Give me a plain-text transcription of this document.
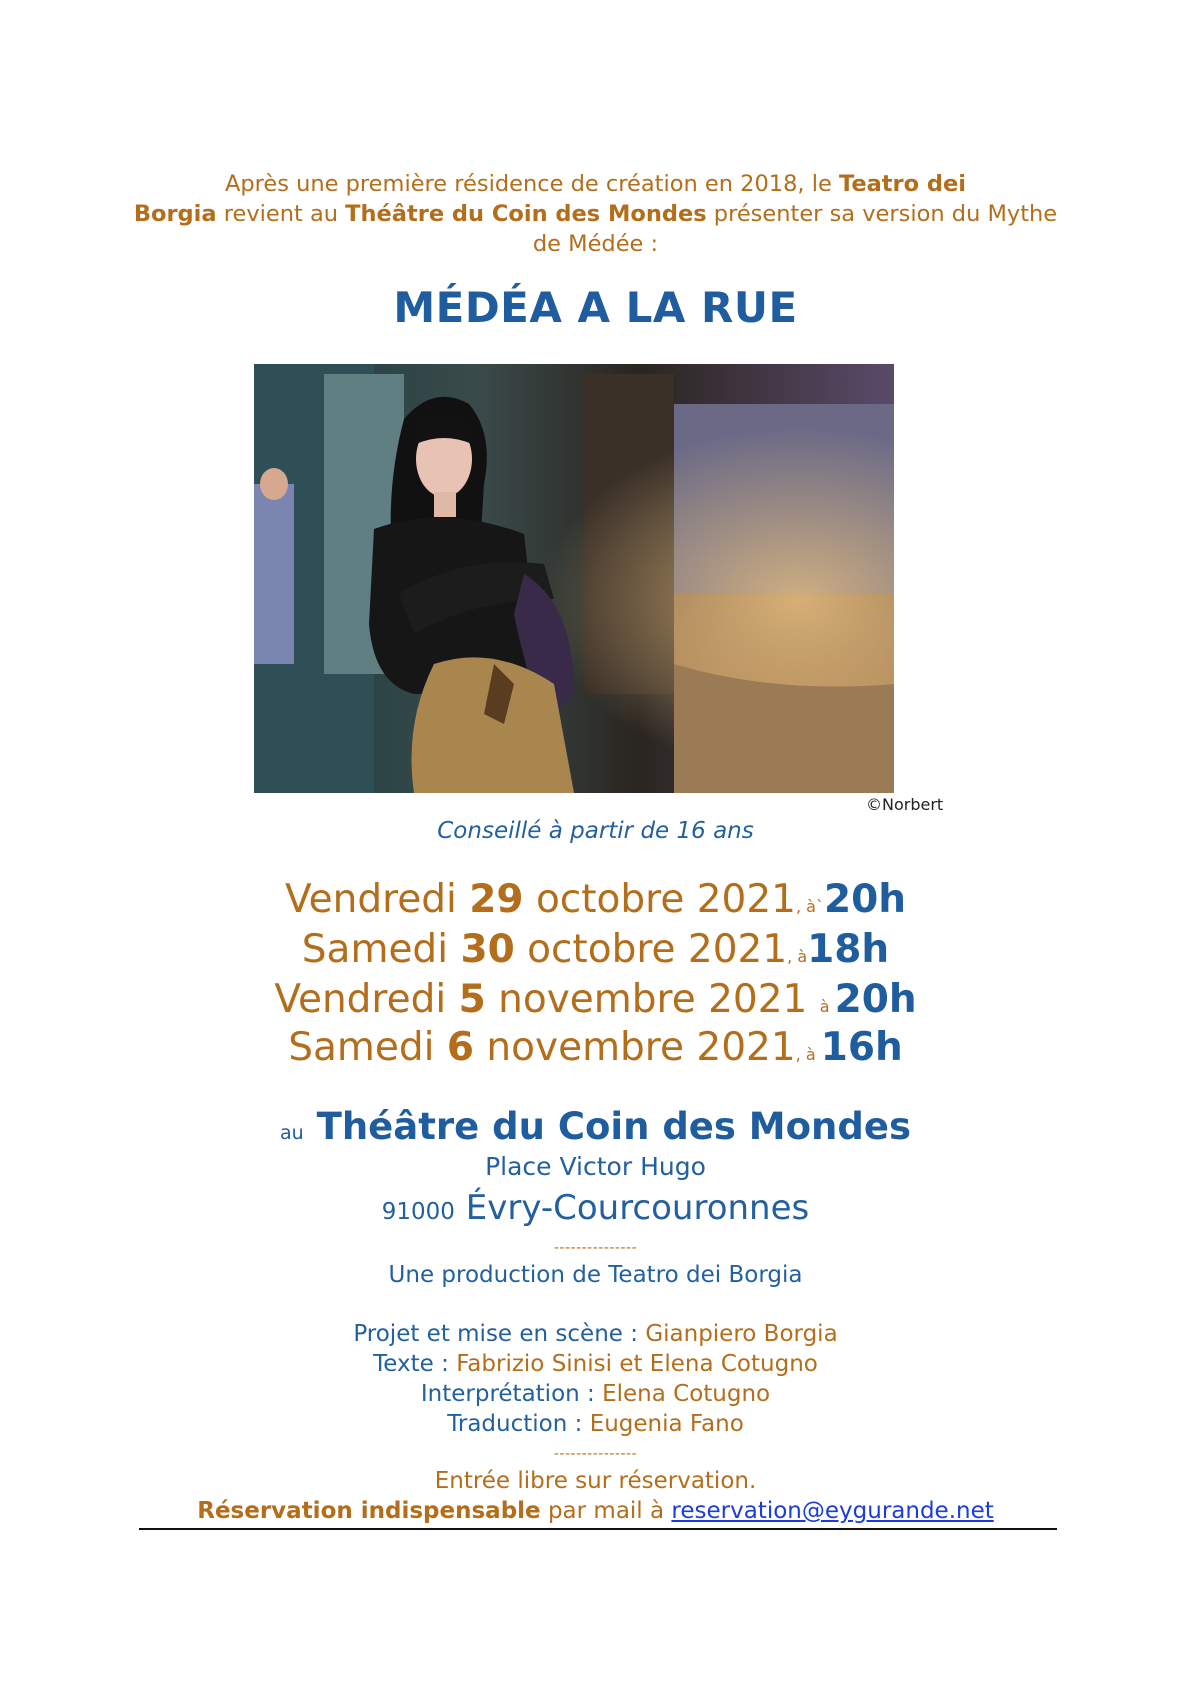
Après une première résidence de création en 2018, le Teatro dei
Borgia revient au Théâtre du Coin des Mondes présenter sa version du Mythe
de Médée :
MÉDÉA A LA RUE
©Norbert
Conseillé à partir de 16 ans
Vendredi 29 octobre 2021, à`20h
Samedi 30 octobre 2021, à18h
Vendredi 5 novembre 2021 à 20h
Samedi 6 novembre 2021, à 16h
au Théâtre du Coin des Mondes
Place Victor Hugo
91000 Évry-Courcouronnes
---------------
Une production de Teatro dei Borgia
Projet et mise en scène : Gianpiero Borgia
Texte : Fabrizio Sinisi et Elena Cotugno
Interprétation : Elena Cotugno
Traduction : Eugenia Fano
---------------
Entrée libre sur réservation.
Réservation indispensable par mail à reservation@eygurande.net
